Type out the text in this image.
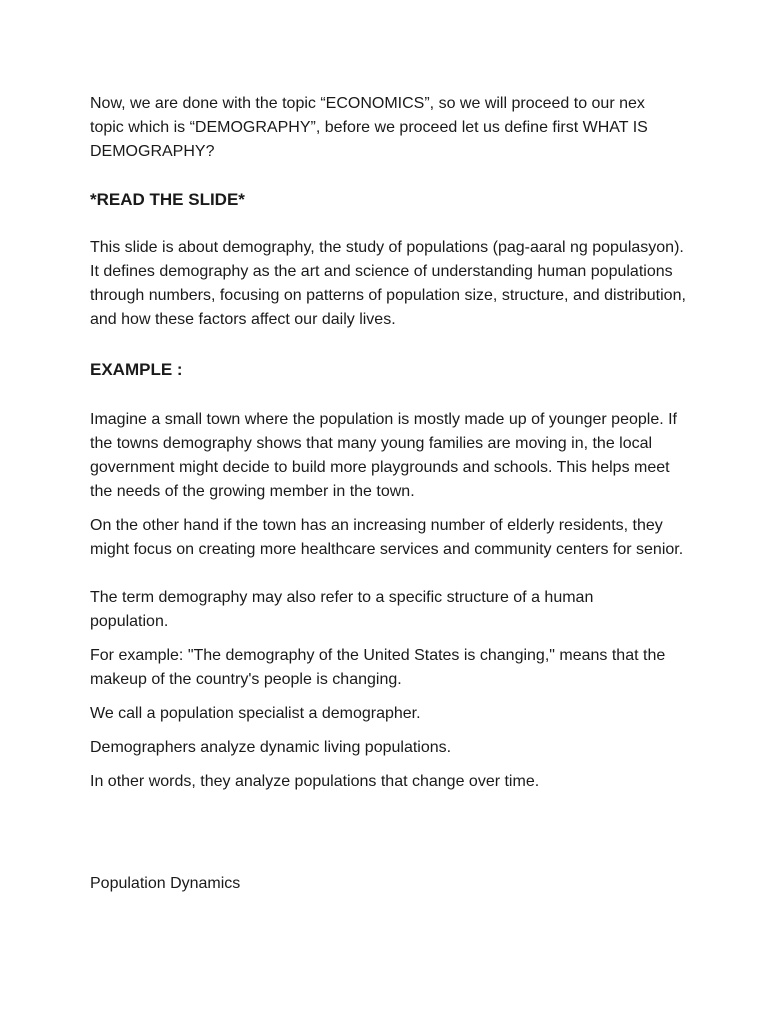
Now, we are done with the topic “ECONOMICS”, so we will proceed to our nex topic which is “DEMOGRAPHY”, before we proceed let us define first WHAT IS DEMOGRAPHY?

*READ THE SLIDE*

This slide is about demography, the study of populations (pag-aaral ng populasyon). It defines demography as the art and science of understanding human populations through numbers, focusing on patterns of population size, structure, and distribution, and how these factors affect our daily lives.

EXAMPLE :

Imagine a small town where the population is mostly made up of younger people. If the towns demography shows that many young families are moving in, the local government might decide to build more playgrounds and schools. This helps meet the needs of the growing member in the town.

On the other hand if the town has an increasing number of elderly residents, they might focus on creating more healthcare services and community centers for senior.

The term demography may also refer to a specific structure of a human population.

For example: "The demography of the United States is changing," means that the makeup of the country's people is changing.

We call a population specialist a demographer.

Demographers analyze dynamic living populations.

In other words, they analyze populations that change over time.

Population Dynamics
